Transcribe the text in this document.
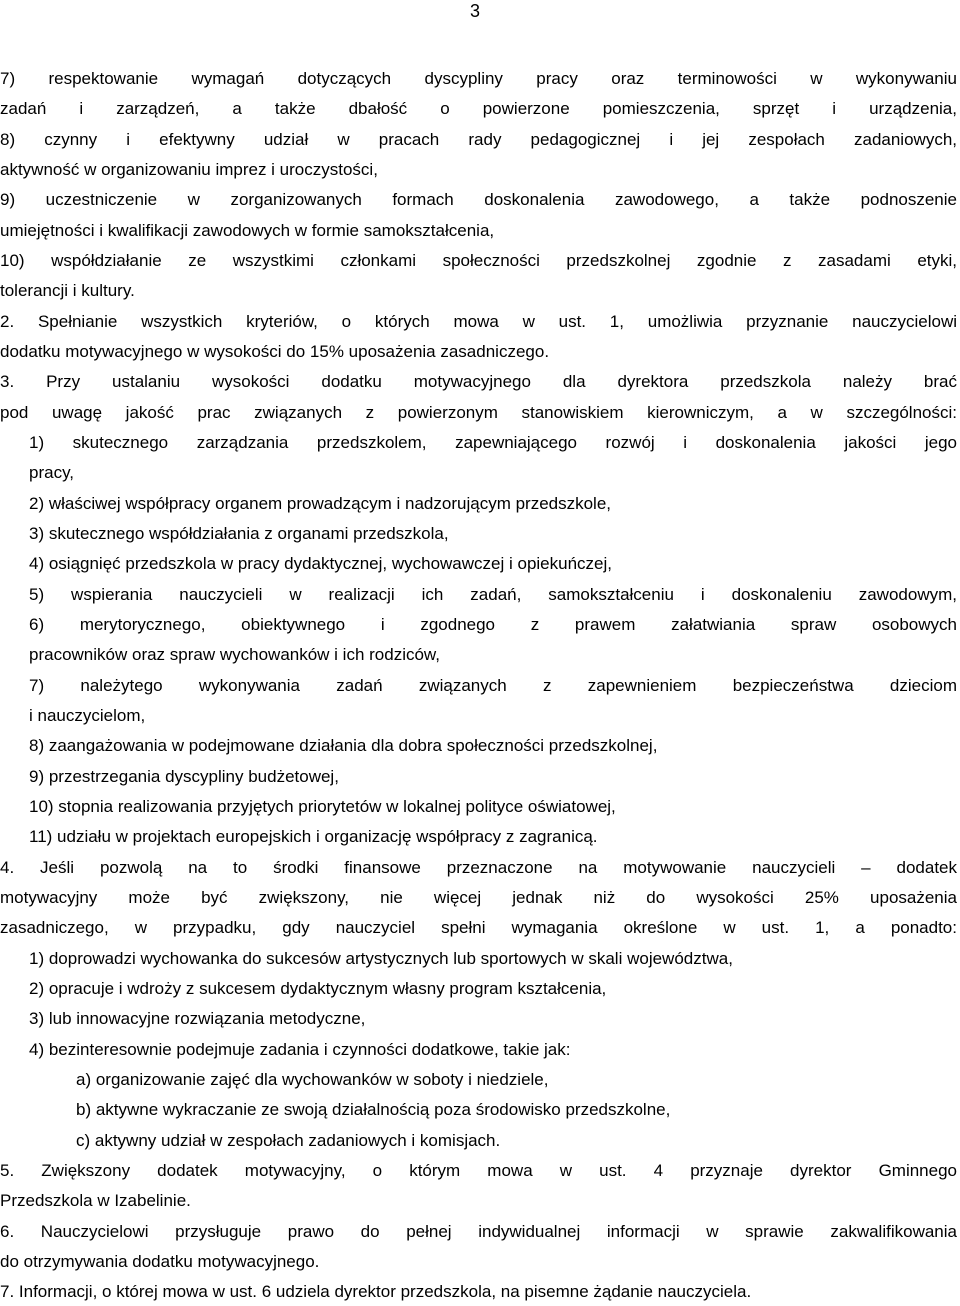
3
7) respektowanie wymagań dotyczących dyscypliny pracy oraz terminowości w wykonywaniu
zadań i zarządzeń, a także dbałość o powierzone pomieszczenia, sprzęt i urządzenia,
8) czynny i efektywny udział w pracach rady pedagogicznej i jej zespołach zadaniowych,
aktywność w organizowaniu imprez i uroczystości,
9) uczestniczenie w zorganizowanych formach doskonalenia zawodowego, a także podnoszenie
umiejętności i kwalifikacji zawodowych w formie samokształcenia,
10) współdziałanie ze wszystkimi członkami społeczności przedszkolnej zgodnie z zasadami etyki,
tolerancji i kultury.
2. Spełnianie wszystkich kryteriów, o których mowa w ust. 1, umożliwia przyznanie nauczycielowi
dodatku motywacyjnego w wysokości do 15% uposażenia zasadniczego.
3. Przy ustalaniu wysokości dodatku motywacyjnego dla dyrektora przedszkola należy brać
pod uwagę jakość prac związanych z powierzonym stanowiskiem kierowniczym, a w szczególności:
1) skutecznego zarządzania przedszkolem, zapewniającego rozwój i doskonalenia jakości jego
pracy,
2) właściwej współpracy organem prowadzącym i nadzorującym przedszkole,
3) skutecznego współdziałania z organami przedszkola,
4) osiągnięć przedszkola w pracy dydaktycznej, wychowawczej i opiekuńczej,
5) wspierania nauczycieli w realizacji ich zadań, samokształceniu i doskonaleniu zawodowym,
6) merytorycznego, obiektywnego i zgodnego z prawem załatwiania spraw osobowych
pracowników oraz spraw wychowanków i ich rodziców,
7) należytego wykonywania zadań związanych z zapewnieniem bezpieczeństwa dzieciom
i nauczycielom,
8) zaangażowania w podejmowane działania dla dobra społeczności przedszkolnej,
9) przestrzegania dyscypliny budżetowej,
10) stopnia realizowania przyjętych priorytetów w lokalnej polityce oświatowej,
11) udziału w projektach europejskich i organizację współpracy z zagranicą.
4. Jeśli pozwolą na to środki finansowe przeznaczone na motywowanie nauczycieli – dodatek
motywacyjny może być zwiększony, nie więcej jednak niż do wysokości 25% uposażenia
zasadniczego, w przypadku, gdy nauczyciel spełni wymagania określone w ust. 1, a ponadto:
1) doprowadzi wychowanka do sukcesów artystycznych lub sportowych w skali województwa,
2) opracuje i wdroży z sukcesem dydaktycznym własny program kształcenia,
3) lub innowacyjne rozwiązania metodyczne,
4) bezinteresownie podejmuje zadania i czynności dodatkowe, takie jak:
a) organizowanie zajęć dla wychowanków w soboty i niedziele,
b) aktywne wykraczanie ze swoją działalnością poza środowisko przedszkolne,
c) aktywny udział w zespołach zadaniowych i komisjach.
5. Zwiększony dodatek motywacyjny, o którym mowa w ust. 4 przyznaje dyrektor Gminnego
Przedszkola w Izabelinie.
6. Nauczycielowi przysługuje prawo do pełnej indywidualnej informacji w sprawie zakwalifikowania
do otrzymywania dodatku motywacyjnego.
7. Informacji, o której mowa w ust. 6 udziela dyrektor przedszkola, na pisemne żądanie nauczyciela.
